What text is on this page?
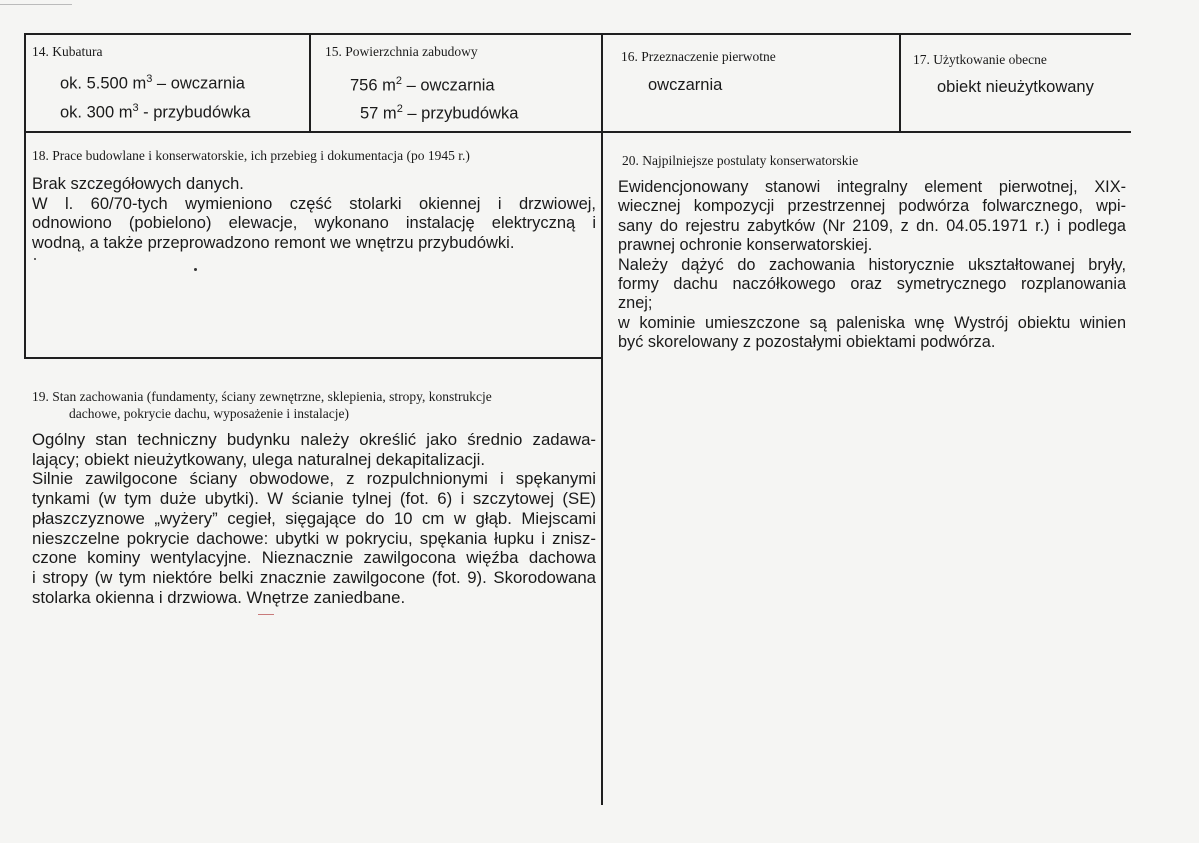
14. Kubatura
ok. 5.500 $m^3$ – owczarnia
ok. 300 $m^3$ - przybudówka
15. Powierzchnia zabudowy
756 $m^2$ – owczarnia
57 $m^2$ – przybudówka
16. Przeznaczenie pierwotne
owczarnia
17. Użytkowanie obecne
obiekt nieużytkowany
18. Prace budowlane i konserwatorskie, ich przebieg i dokumentacja (po 1945 r.)
Brak szczegółowych danych.
W l. 60/70-tych wymieniono część stolarki okiennej i drzwiowej,
odnowiono (pobielono) elewacje, wykonano instalację elektryczną i
wodną, a także przeprowadzono remont we wnętrzu przybudówki.
19. Stan zachowania (fundamenty, ściany zewnętrzne, sklepienia, stropy, konstrukcje
dachowe, pokrycie dachu, wyposażenie i instalacje)
Ogólny stan techniczny budynku należy określić jako średnio zadawa-
lający; obiekt nieużytkowany, ulega naturalnej dekapitalizacji.
Silnie zawilgocone ściany obwodowe, z rozpulchnionymi i spękanymi
tynkami (w tym duże ubytki). W ścianie tylnej (fot. 6) i szczytowej (SE)
płaszczyznowe „wyżery” cegieł, sięgające do 10 cm w głąb. Miejscami
nieszczelne pokrycie dachowe: ubytki w pokryciu, spękania łupku i znisz-
czone kominy wentylacyjne. Nieznacznie zawilgocona więźba dachowa
i stropy (w tym niektóre belki znacznie zawilgocone (fot. 9). Skorodowana
stolarka okienna i drzwiowa. Wnętrze zaniedbane.
20. Najpilniejsze postulaty konserwatorskie
Ewidencjonowany stanowi integralny element pierwotnej, XIX-
wiecznej kompozycji przestrzennej podwórza folwarcznego, wpi-
sany do rejestru zabytków (Nr 2109, z dn. 04.05.1971 r.) i podlega
prawnej ochronie konserwatorskiej.
Należy dążyć do zachowania historycznie ukształtowanej bryły,
formy dachu naczółkowego oraz symetrycznego rozplanowania
znej;
w kominie umieszczone są paleniska wnę Wystrój obiektu winien
być skorelowany z pozostałymi obiektami podwórza.
